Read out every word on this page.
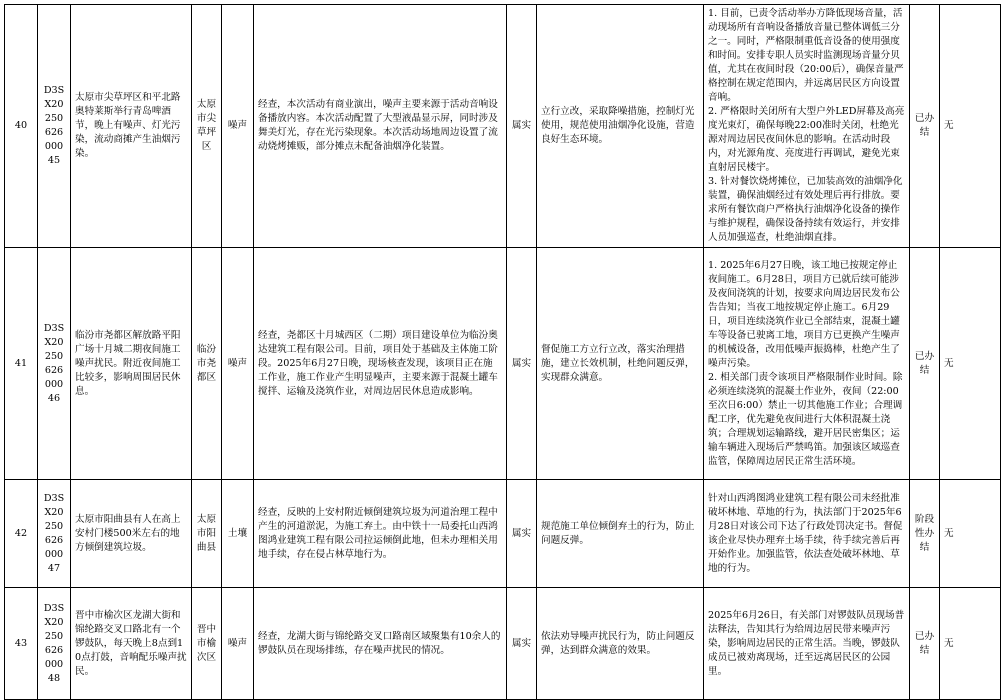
40	D3SX2025062600045	太原市尖草坪区和平北路奥特莱斯举行青岛啤酒节，晚上有噪声、灯光污染，流动商摊产生油烟污染。	太原市尖草坪区	噪声	经查，本次活动有商业演出，噪声主要来源于活动音响设备播放内容。本次活动配置了大型液晶显示屏，同时涉及舞美灯光，存在光污染现象。本次活动场地周边设置了流动烧烤摊贩，部分摊点未配备油烟净化装置。	属实	立行立改，采取降噪措施，控制灯光使用，规范使用油烟净化设施，营造良好生态环境。	1. 目前，已责令活动举办方降低现场音量，活动现场所有音响设备播放音量已整体调低三分之一。同时，严格限制重低音设备的使用强度和时间。安排专职人员实时监测现场音量分贝值，尤其在夜间时段（20:00后），确保音量严格控制在规定范围内，并远离居民区方向设置音响。
2. 严格限时关闭所有大型户外LED屏幕及高亮度光束灯，确保每晚22:00准时关闭，杜绝光源对周边居民夜间休息的影响。在活动时段内，对光源角度、亮度进行再调试，避免光束直射居民楼宇。
3. 针对餐饮烧烤摊位，已加装高效的油烟净化装置，确保油烟经过有效处理后再行排放。要求所有餐饮商户严格执行油烟净化设备的操作与维护规程，确保设备持续有效运行，并安排人员加强巡查，杜绝油烟直排。	已办结	无
41	D3SX2025062600046	临汾市尧都区解放路平阳广场十月城二期夜间施工噪声扰民。附近夜间施工比较多，影响周围居民休息。	临汾市尧都区	噪声	经查，尧都区十月城西区（二期）项目建设单位为临汾奥达建筑工程有限公司。目前，项目处于基础及主体施工阶段。2025年6月27日晚，现场核查发现，该项目正在施工作业，施工作业产生明显噪声，主要来源于混凝土罐车搅拌、运输及浇筑作业，对周边居民休息造成影响。	属实	督促施工方立行立改，落实治理措施，建立长效机制，杜绝问题反弹，实现群众满意。	1. 2025年6月27日晚，该工地已按规定停止夜间施工。6月28日，项目方已就后续可能涉及夜间浇筑的计划，按要求向周边居民发布公告告知；当夜工地按规定停止施工。6月29日，项目连续浇筑作业已全部结束，混凝土罐车等设备已驶离工地，项目方已更换产生噪声的机械设备，改用低噪声振捣棒，杜绝产生了噪声污染。
2. 相关部门责令该项目严格限制作业时间。除必须连续浇筑的混凝土作业外，夜间（22:00至次日6:00）禁止一切其他施工作业；合理调配工序，优先避免夜间进行大体积混凝土浇筑；合理规划运输路线，避开居民密集区；运输车辆进入现场后严禁鸣笛。加强该区域巡查监管，保障周边居民正常生活环境。	已办结	无
42	D3SX2025062600047	太原市阳曲县有人在高上安村门楼500米左右的地方倾倒建筑垃圾。	太原市阳曲县	土壤	经查，反映的上安村附近倾倒建筑垃圾为河道治理工程中产生的河道淤泥，为施工弃土。由中铁十一局委托山西鸿图鸿业建筑工程有限公司拉运倾倒此地，但未办理相关用地手续，存在侵占林草地行为。	属实	规范施工单位倾倒弃土的行为，防止问题反弹。	针对山西鸿图鸿业建筑工程有限公司未经批准破坏林地、草地的行为，执法部门于2025年6月28日对该公司下达了行政处罚决定书。督促该企业尽快办理弃土场手续，待手续完善后再开始作业。加强监管，依法查处破坏林地、草地的行为。	阶段性办结	无
43	D3SX2025062600048	晋中市榆次区龙湖大街和锦纶路交叉口路北有一个锣鼓队，每天晚上8点到10点打鼓，音响配乐噪声扰民。	晋中市榆次区	噪声	经查，龙湖大街与锦纶路交叉口路南区域聚集有10余人的锣鼓队员在现场排练，存在噪声扰民的情况。	属实	依法劝导噪声扰民行为，防止问题反弹，达到群众满意的效果。	2025年6月26日，有关部门对锣鼓队员现场普法释法，告知其行为给周边居民带来噪声污染，影响周边居民的正常生活。当晚，锣鼓队成员已被劝离现场，迁至远离居民区的公园里。	已办结	无
